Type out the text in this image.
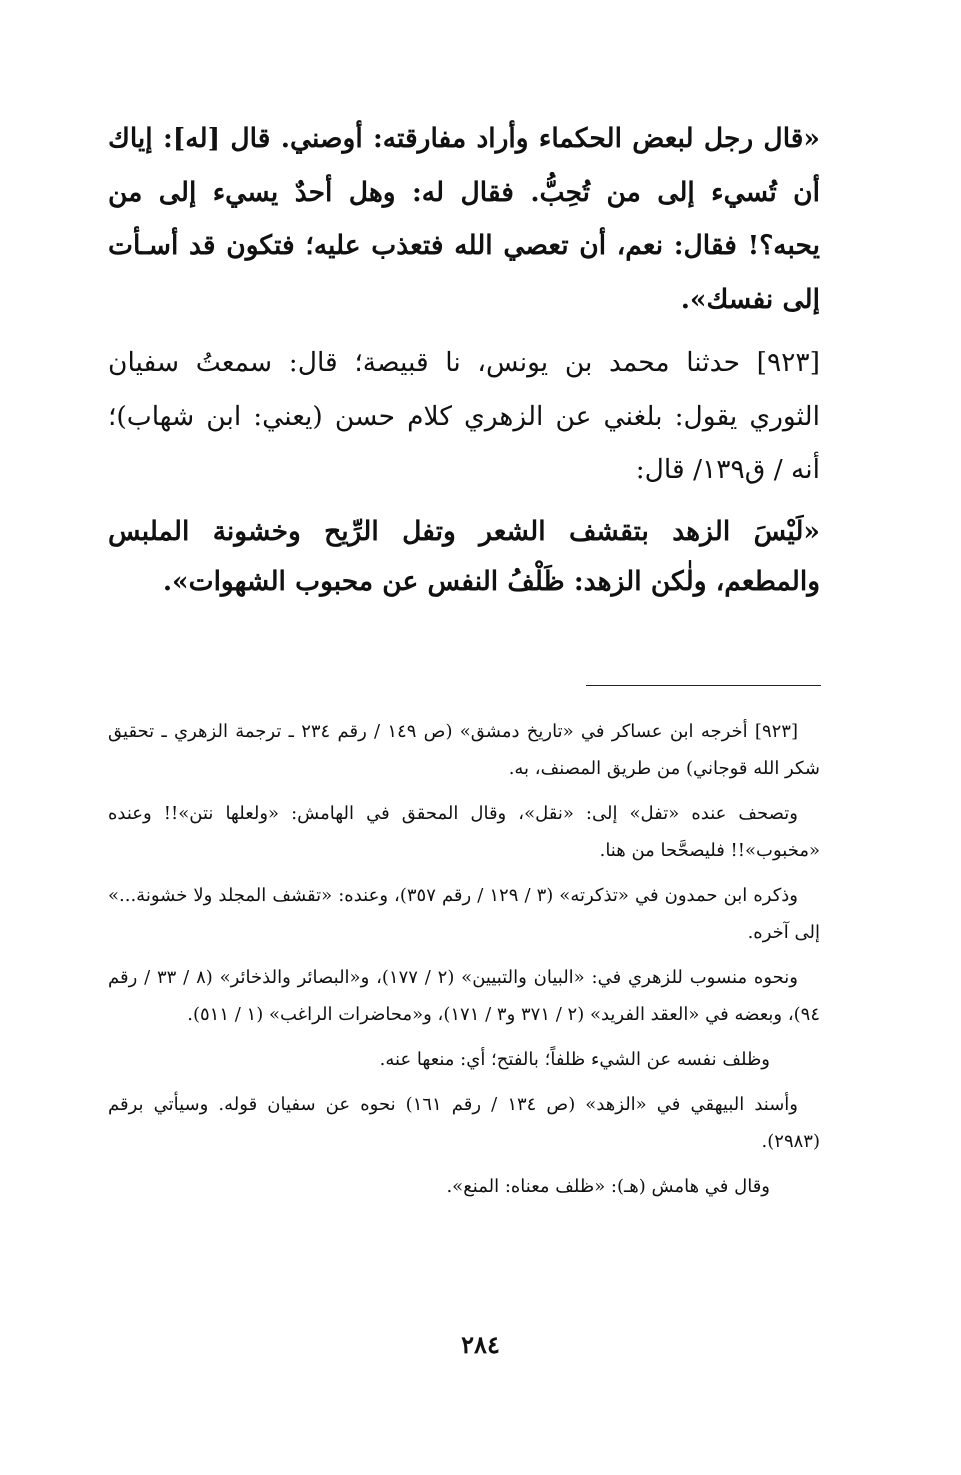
«قال رجل لبعض الحكماء وأراد مفارقته: أوصني. قال [له]: إياك أن تُسيء إلى من تُحِبُّ. فقال له: وهل أحدٌ يسيء إلى من يحبه؟! فقال: نعم، أن تعصي الله فتعذب عليه؛ فتكون قد أسـأت إلى نفسك».

[٩٢٣] حدثنا محمد بن يونس، نا قبيصة؛ قال: سمعتُ سفيان الثوري يقول: بلغني عن الزهري كلام حسن (يعني: ابن شهاب)؛ أنه / ق١٣٩/ قال:

«لَيْسَ الزهد بتقشف الشعر وتفل الرِّيح وخشونة الملبس والمطعم، ولٰكن الزهد: ظَلْفُ النفس عن محبوب الشهوات».

[٩٢٣] أخرجه ابن عساكر في «تاريخ دمشق» (ص ١٤٩ / رقم ٢٣٤ ـ ترجمة الزهري ـ تحقيق شكر الله قوجاني) من طريق المصنف، به.

وتصحف عنده «تفل» إلى: «نقل»، وقال المحقق في الهامش: «ولعلها نتن»!! وعنده «مخبوب»!! فليصحَّحا من هنا.

وذكره ابن حمدون في «تذكرته» (٣ / ١٢٩ / رقم ٣٥٧)، وعنده: «تقشف المجلد ولا خشونة...» إلى آخره.

ونحوه منسوب للزهري في: «البيان والتبيين» (٢ / ١٧٧)، و«البصائر والذخائر» (٨ / ٣٣ / رقم ٩٤)، وبعضه في «العقد الفريد» (٢ / ٣٧١ و٣ / ١٧١)، و«محاضرات الراغب» (١ / ٥١١).

وظلف نفسه عن الشيء ظلفاً؛ بالفتح؛ أي: منعها عنه.

وأسند البيهقي في «الزهد» (ص ١٣٤ / رقم ١٦١) نحوه عن سفيان قوله. وسيأتي برقم (٢٩٨٣).

وقال في هامش (هـ): «ظلف معناه: المنع».

٢٨٤
